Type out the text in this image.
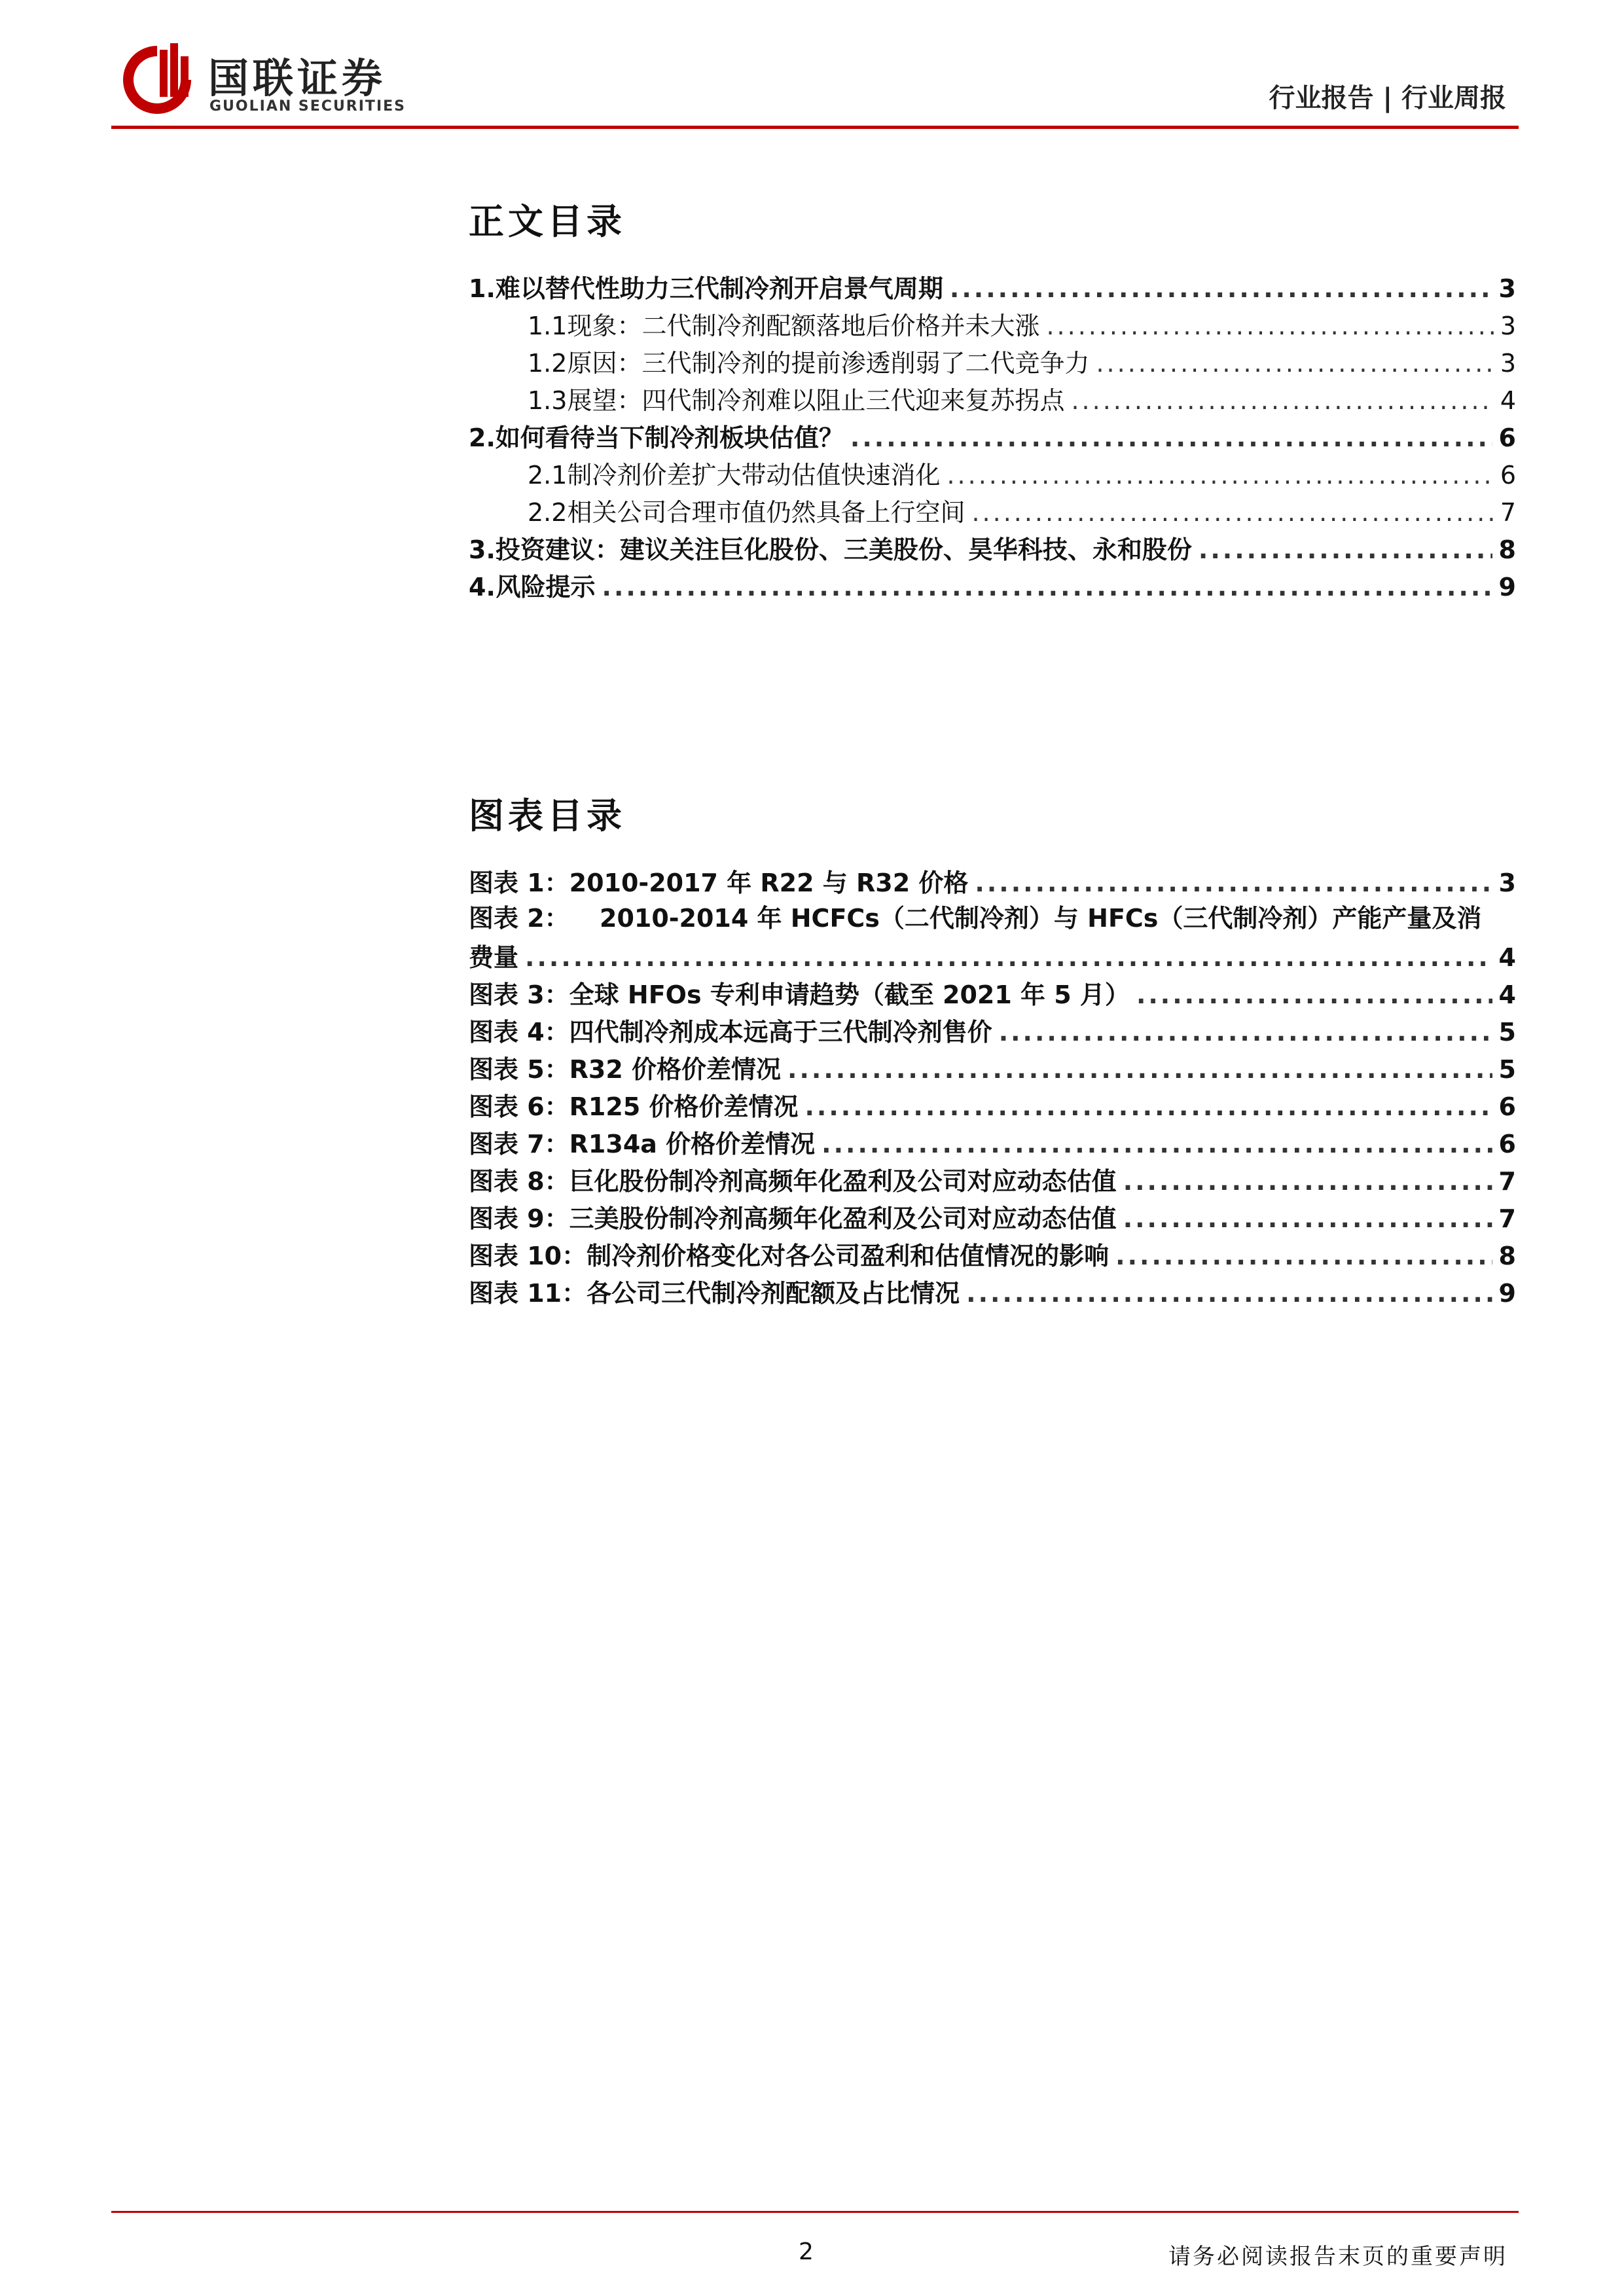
国联证券
GUOLIAN SECURITIES	行业报告 | 行业周报
正文目录
1. 难以替代性助力三代制冷剂开启景气周期 .....	3
1.1 现象：二代制冷剂配额落地后价格并未大涨 .....	3
1.2 原因：三代制冷剂的提前渗透削弱了二代竞争力 .....	3
1.3 展望：四代制冷剂难以阻止三代迎来复苏拐点 .....	4
2. 如何看待当下制冷剂板块估值？ .....	6
2.1 制冷剂价差扩大带动估值快速消化 .....	6
2.2 相关公司合理市值仍然具备上行空间 .....	7
3. 投资建议：建议关注巨化股份、三美股份、昊华科技、永和股份 .....	8
4. 风险提示 .....	9
图表目录
图表 1： 2010-2017 年 R22 与 R32 价格 .....	3
图表 2： 2010-2014 年 HCFCs（二代制冷剂）与 HFCs（三代制冷剂）产能产量及消
费量 .....	4
图表 3： 全球 HFOs 专利申请趋势（截至 2021 年 5 月） .....	4
图表 4： 四代制冷剂成本远高于三代制冷剂售价 .....	5
图表 5： R32 价格价差情况 .....	5
图表 6： R125 价格价差情况 .....	6
图表 7： R134a 价格价差情况 .....	6
图表 8： 巨化股份制冷剂高频年化盈利及公司对应动态估值 .....	7
图表 9： 三美股份制冷剂高频年化盈利及公司对应动态估值 .....	7
图表 10： 制冷剂价格变化对各公司盈利和估值情况的影响 .....	8
图表 11： 各公司三代制冷剂配额及占比情况 .....	9
2	请务必阅读报告末页的重要声明
